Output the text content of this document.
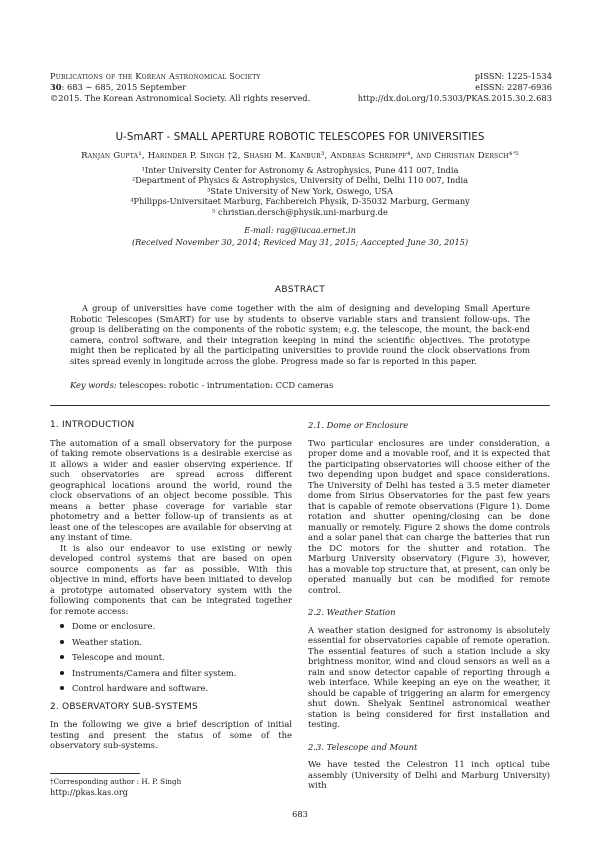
Publications of the Korean Astronomical Society
30: 683 ∼ 685, 2015 September
©2015. The Korean Astronomical Society. All rights reserved.
pISSN: 1225-1534
eISSN: 2287-6936
http://dx.doi.org/10.5303/PKAS.2015.30.2.683
U-SmART - SMALL APERTURE ROBOTIC TELESCOPES FOR UNIVERSITIES
Ranjan Gupta¹, Harinder P. Singh †2, Shashi M. Kanbur³, Andreas Schrimpf⁴, and Christian Dersch⁴ʼ⁵
¹Inter University Center for Astronomy & Astrophysics, Pune 411 007, India
²Department of Physics & Astrophysics, University of Delhi, Delhi 110 007, India
³State University of New York, Oswego, USA
⁴Philipps-Universitaet Marburg, Fachbereich Physik, D-35032 Marburg, Germany
⁵ christian.dersch@physik.uni-marburg.de
E-mail: rag@iucaa.ernet.in
(Received November 30, 2014; Reviced May 31, 2015; Aaccepted June 30, 2015)
ABSTRACT
A group of universities have come together with the aim of designing and developing Small Aperture Robotic Telescopes (SmART) for use by students to observe variable stars and transient follow-ups. The group is deliberating on the components of the robotic system; e.g. the telescope, the mount, the back-end camera, control software, and their integration keeping in mind the scientific objectives. The prototype might then be replicated by all the participating universities to provide round the clock observations from sites spread evenly in longitude across the globe. Progress made so far is reported in this paper.
Key words: telescopes: robotic - intrumentation: CCD cameras
1. INTRODUCTION
The automation of a small observatory for the purpose of taking remote observations is a desirable exercise as it allows a wider and easier observing experience. If such observatories are spread across different geographical locations around the world, round the clock observations of an object become possible. This means a better phase coverage for variable star photometry and a better follow-up of transients as at least one of the telescopes are available for observing at any instant of time.
It is also our endeavor to use existing or newly developed control systems that are based on open source components as far as possible. With this objective in mind, efforts have been initiated to develop a prototype automated observatory system with the following components that can be integrated together for remote access:
Dome or enclosure.
Weather station.
Telescope and mount.
Instruments/Camera and filter system.
Control hardware and software.
2. OBSERVATORY SUB-SYSTEMS
In the following we give a brief description of initial testing and present the status of some of the observatory sub-systems.
2.1. Dome or Enclosure
Two particular enclosures are under consideration, a proper dome and a movable roof, and it is expected that the participating observatories will choose either of the two depending upon budget and space considerations. The University of Delhi has tested a 3.5 meter diameter dome from Sirius Observatories for the past few years that is capable of remote observations (Figure 1). Dome rotation and shutter opening/closing can be done manually or remotely. Figure 2 shows the dome controls and a solar panel that can charge the batteries that run the DC motors for the shutter and rotation. The Marburg University observatory (Figure 3), however, has a movable top structure that, at present, can only be operated manually but can be modified for remote control.
2.2. Weather Station
A weather station designed for astronomy is absolutely essential for observatories capable of remote operation. The essential features of such a station include a sky brightness monitor, wind and cloud sensors as well as a rain and snow detector capable of reporting through a web interface. While keeping an eye on the weather, it should be capable of triggering an alarm for emergency shut down. Shelyak Sentinel astronomical weather station is being considered for first installation and testing.
2.3. Telescope and Mount
We have tested the Celestron 11 inch optical tube assembly (University of Delhi and Marburg University) with
†Corresponding author : H. P. Singh
http://pkas.kas.org
683
